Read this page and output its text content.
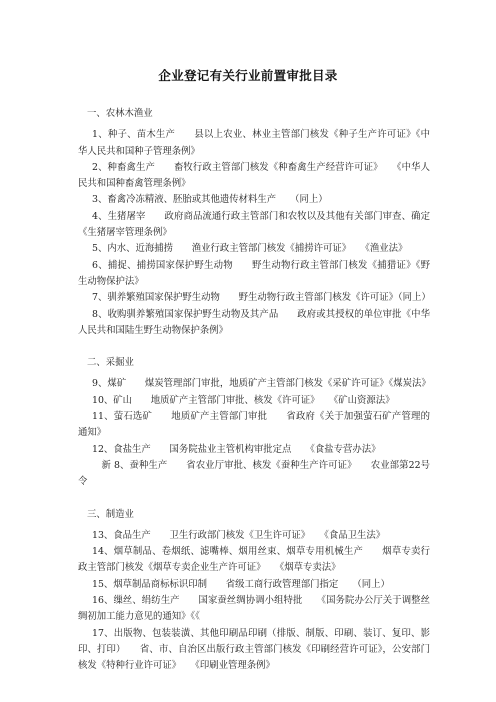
企业登记有关行业前置审批目录

一、农林木渔业

1、种子、苗木生产　　县以上农业、林业主管部门核发《种子生产许可证》《中华人民共和国种子管理条例》

2、种畜禽生产　　畜牧行政主管部门核发《种畜禽生产经营许可证》　　《中华人民共和国种畜禽管理条例》

3、畜禽冷冻精液、胚胎或其他遗传材料生产　　（同上）

4、生猪屠宰　　政府商品流通行政主管部门和农牧以及其他有关部门审查、确定　《生猪屠宰管理条例》

5、内水、近海捕捞　　渔业行政主管部门核发《捕捞许可证》　　《渔业法》

6、捕捉、捕捞国家保护野生动物　　野生动物行政主管部门核发《捕猎证》《野生动物保护法》

7、驯养繁殖国家保护野生动物　　野生动物行政主管部门核发《许可证》（同上）

8、收购驯养繁殖国家保护野生动物及其产品　　政府或其授权的单位审批《中华人民共和国陆生野生动物保护条例》

二、采掘业

9、煤矿　　煤炭管理部门审批，地质矿产主管部门核发《采矿许可证》《煤炭法》

10、矿山　　地质矿产主管部门审批、核发《许可证》　　《矿山资源法》

11、萤石选矿　　地质矿产主管部门审批　　省政府《关于加强萤石矿产管理的通知》

12、食盐生产　　国务院盐业主管机构审批定点　　《食盐专营办法》

　新 8、蚕种生产　　省农业厅审批、核发《蚕种生产许可证》　　农业部第22号令

三、制造业

13、食品生产　　卫生行政部门核发《卫生许可证》　　《食品卫生法》

14、烟草制品、卷烟纸、滤嘴棒、烟用丝束、烟草专用机械生产　　烟草专卖行政主管部门核发《烟草专卖企业生产许可证》　　《烟草专卖法》

15、烟草制品商标标识印制　　省级工商行政管理部门指定　　（同上）

16、缫丝、绢纺生产　　国家蚕丝绸协调小组特批　　《国务院办公厅关于调整丝绸初加工能力意见的通知》《《

17、出版物、包装装潢、其他印刷品印刷（排版、制版、印刷、装订、复印、影印、打印）　　省、市、自治区出版行政主管部门核发《印刷经营许可证》，公安部门核发《特种行业许可证》　　《印刷业管理条例》
